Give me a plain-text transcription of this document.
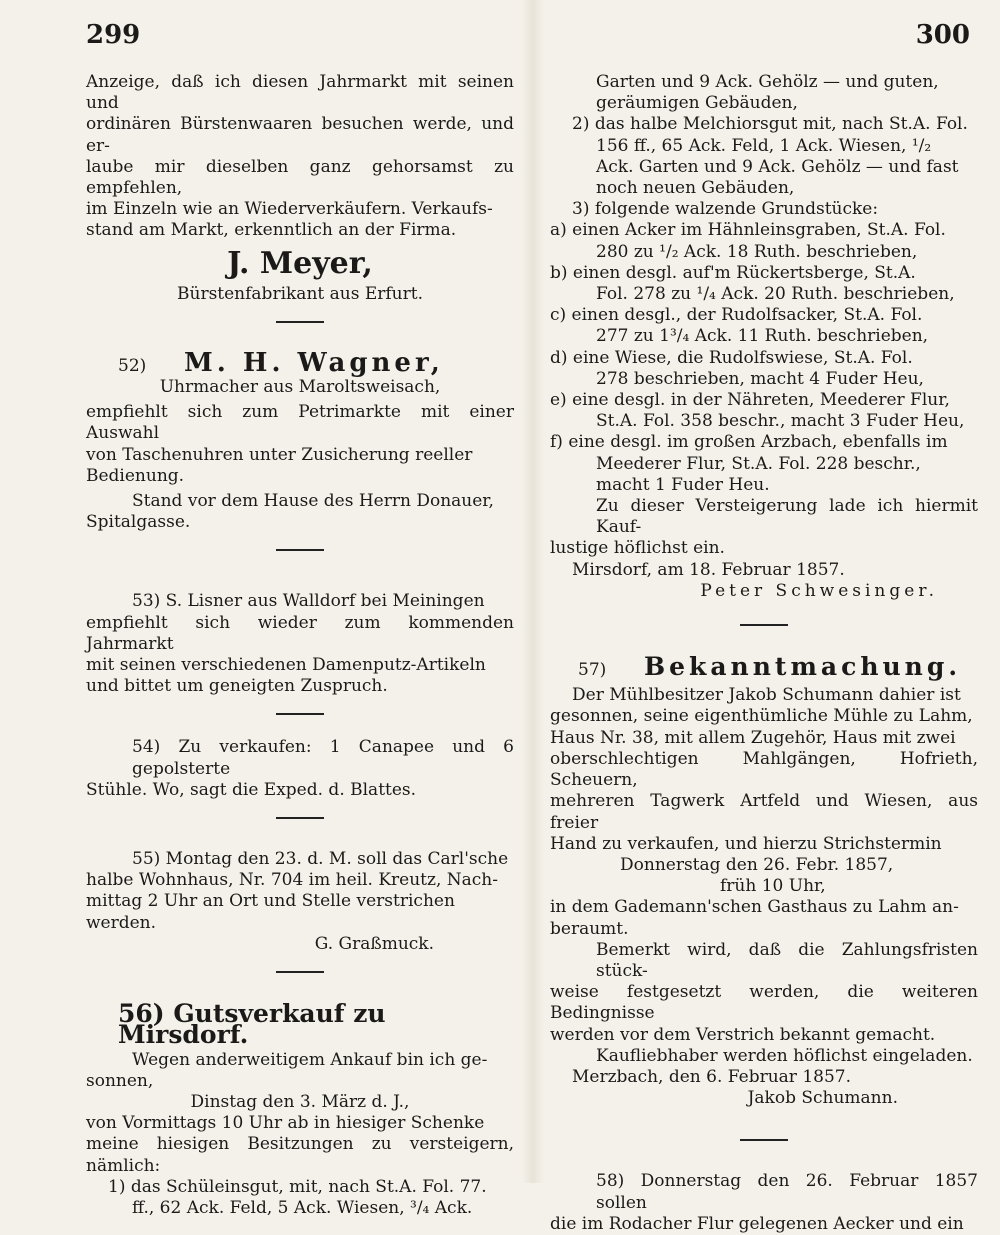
299	300

Anzeige, daß ich diesen Jahrmarkt mit seinen und

ordinären Bürstenwaaren besuchen werde, und er-

laube mir dieselben ganz gehorsamst zu empfehlen,

im Einzeln wie an Wiederverkäufern. Verkaufs-

stand am Markt, erkenntlich an der Firma.

J. Meyer,
Bürstenfabrikant aus Erfurt.
52)	M. H. Wagner,
Uhrmacher aus Maroltsweisach,

empfiehlt sich zum Petrimarkte mit einer Auswahl

von Taschenuhren unter Zusicherung reeller

Bedienung.

Stand vor dem Hause des Herrn Donauer,

Spitalgasse.

53) S. Lisner aus Walldorf bei Meiningen

empfiehlt sich wieder zum kommenden Jahrmarkt

mit seinen verschiedenen Damenputz-Artikeln

und bittet um geneigten Zuspruch.

54) Zu verkaufen: 1 Canapee und 6 gepolsterte

Stühle. Wo, sagt die Exped. d. Blattes.

55) Montag den 23. d. M. soll das Carl'sche

halbe Wohnhaus, Nr. 704 im heil. Kreutz, Nach-

mittag 2 Uhr an Ort und Stelle verstrichen werden.

G. Graßmuck.
56) Gutsverkauf zu Mirsdorf.

Wegen anderweitigem Ankauf bin ich ge-

sonnen,

Dinstag den 3. März d. J.,

von Vormittags 10 Uhr ab in hiesiger Schenke

meine hiesigen Besitzungen zu versteigern, nämlich:

1) das Schüleinsgut, mit, nach St.A. Fol. 77.

ff., 62 Ack. Feld, 5 Ack. Wiesen, ³/₄ Ack.

Garten und 9 Ack. Gehölz — und guten,

geräumigen Gebäuden,

2) das halbe Melchiorsgut mit, nach St.A. Fol.

156 ff., 65 Ack. Feld, 1 Ack. Wiesen, ¹/₂

Ack. Garten und 9 Ack. Gehölz — und fast

noch neuen Gebäuden,

3) folgende walzende Grundstücke:

a) einen Acker im Hähnleinsgraben, St.A. Fol.

280 zu ¹/₂ Ack. 18 Ruth. beschrieben,

b) einen desgl. auf'm Rückertsberge, St.A.

Fol. 278 zu ¹/₄ Ack. 20 Ruth. beschrieben,

c) einen desgl., der Rudolfsacker, St.A. Fol.

277 zu 1³/₄ Ack. 11 Ruth. beschrieben,

d) eine Wiese, die Rudolfswiese, St.A. Fol.

278 beschrieben, macht 4 Fuder Heu,

e) eine desgl. in der Nähreten, Meederer Flur,

St.A. Fol. 358 beschr., macht 3 Fuder Heu,

f) eine desgl. im großen Arzbach, ebenfalls im

Meederer Flur, St.A. Fol. 228 beschr.,

macht 1 Fuder Heu.

Zu dieser Versteigerung lade ich hiermit Kauf-

lustige höflichst ein.

Mirsdorf, am 18. Februar 1857.

Peter Schwesinger.
57)	Bekanntmachung.

Der Mühlbesitzer Jakob Schumann dahier ist

gesonnen, seine eigenthümliche Mühle zu Lahm,

Haus Nr. 38, mit allem Zugehör, Haus mit zwei

oberschlechtigen Mahlgängen, Hofrieth, Scheuern,

mehreren Tagwerk Artfeld und Wiesen, aus freier

Hand zu verkaufen, und hierzu Strichstermin

Donnerstag den 26. Febr. 1857,

früh 10 Uhr,

in dem Gademann'schen Gasthaus zu Lahm an-

beraumt.

Bemerkt wird, daß die Zahlungsfristen stück-

weise festgesetzt werden, die weiteren Bedingnisse

werden vor dem Verstrich bekannt gemacht.

Kaufliebhaber werden höflichst eingeladen.

Merzbach, den 6. Februar 1857.

Jakob Schumann.

58) Donnerstag den 26. Februar 1857 sollen

die im Rodacher Flur gelegenen Aecker und ein
